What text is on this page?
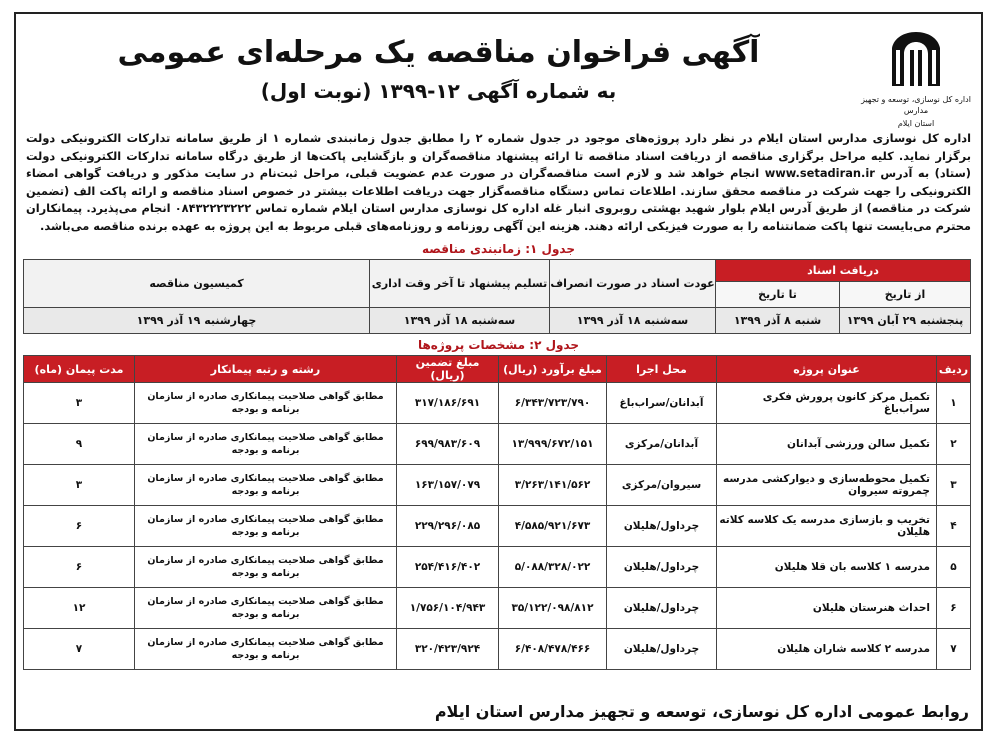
اداره کل نوسازی، توسعه و تجهیز مدارس
استان ایلام
آگهی فراخوان مناقصه یک مرحله‌ای عمومی
به شماره آگهی ۱۲-۱۳۹۹ (نوبت اول)
اداره کل نوسازی مدارس استان ایلام در نظر دارد پروژه‌های موجود در جدول شماره ۲ را مطابق جدول زمانبندی شماره ۱ از طریق سامانه تدارکات الکترونیکی دولت برگزار نماید. کلیه مراحل برگزاری مناقصه از دریافت اسناد مناقصه تا ارائه پیشنهاد مناقصه‌گران و بازگشایی پاکت‌ها از طریق درگاه سامانه تدارکات الکترونیکی دولت (ستاد) به آدرس www.setadiran.ir انجام خواهد شد و لازم است مناقصه‌گران در صورت عدم عضویت قبلی، مراحل ثبت‌نام در سایت مذکور و دریافت گواهی امضاء الکترونیکی را جهت شرکت در مناقصه محقق سازند. اطلاعات تماس دستگاه مناقصه‌گزار جهت دریافت اطلاعات بیشتر در خصوص اسناد مناقصه و ارائه پاکت الف (تضمین شرکت در مناقصه) از طریق آدرس ایلام بلوار شهید بهشتی روبروی انبار غله اداره کل نوسازی مدارس استان ایلام شماره تماس ۰۸۴۳۲۲۲۳۲۲۲ انجام می‌پذیرد. پیمانکاران محترم می‌بایست تنها پاکت ضمانتنامه را به صورت فیزیکی ارائه دهند. هزینه این آگهی روزنامه و روزنامه‌های قبلی مربوط به این پروژه به عهده برنده مناقصه می‌باشد.
جدول ۱: زمانبندی مناقصه
دریافت اسناد		عودت اسناد در صورت انصراف	تسلیم پیشنهاد تا آخر وقت اداری	کمیسیون مناقصه
از تاریخ	تا تاریخ			
پنجشنبه ۲۹ آبان ۱۳۹۹	شنبه ۸ آذر ۱۳۹۹	سه‌شنبه ۱۸ آذر ۱۳۹۹	سه‌شنبه ۱۸ آذر ۱۳۹۹	چهارشنبه ۱۹ آذر ۱۳۹۹
جدول ۲: مشخصات پروژه‌ها
ردیف	عنوان پروژه	محل اجرا	مبلغ برآورد (ریال)	مبلغ تضمین (ریال)	رشته و رتبه پیمانکار	مدت پیمان (ماه)
۱	تکمیل مرکز کانون پرورش فکری سراب‌باغ	آبدانان/سراب‌باغ	۶/۳۴۳/۷۲۳/۷۹۰	۳۱۷/۱۸۶/۶۹۱	مطابق گواهی صلاحیت پیمانکاری صادره از سازمان برنامه و بودجه	۳
۲	تکمیل سالن ورزشی آبدانان	آبدانان/مرکزی	۱۳/۹۹۹/۶۷۲/۱۵۱	۶۹۹/۹۸۳/۶۰۹	مطابق گواهی صلاحیت پیمانکاری صادره از سازمان برنامه و بودجه	۹
۳	تکمیل محوطه‌سازی و دیوارکشی مدرسه چمروته سیروان	سیروان/مرکزی	۳/۲۶۳/۱۴۱/۵۶۲	۱۶۳/۱۵۷/۰۷۹	مطابق گواهی صلاحیت پیمانکاری صادره از سازمان برنامه و بودجه	۳
۴	تخریب و بازسازی مدرسه یک کلاسه کلاته هلیلان	چرداول/هلیلان	۴/۵۸۵/۹۲۱/۶۷۳	۲۲۹/۲۹۶/۰۸۵	مطابق گواهی صلاحیت پیمانکاری صادره از سازمان برنامه و بودجه	۶
۵	مدرسه ۱ کلاسه بان قلا هلیلان	چرداول/هلیلان	۵/۰۸۸/۳۲۸/۰۲۲	۲۵۴/۴۱۶/۴۰۲	مطابق گواهی صلاحیت پیمانکاری صادره از سازمان برنامه و بودجه	۶
۶	احداث هنرستان هلیلان	چرداول/هلیلان	۳۵/۱۲۲/۰۹۸/۸۱۲	۱/۷۵۶/۱۰۴/۹۴۳	مطابق گواهی صلاحیت پیمانکاری صادره از سازمان برنامه و بودجه	۱۲
۷	مدرسه ۲ کلاسه شاران هلیلان	چرداول/هلیلان	۶/۴۰۸/۴۷۸/۴۶۶	۳۲۰/۴۲۳/۹۲۴	مطابق گواهی صلاحیت پیمانکاری صادره از سازمان برنامه و بودجه	۷
روابط عمومی اداره کل نوسازی، توسعه و تجهیز مدارس استان ایلام
